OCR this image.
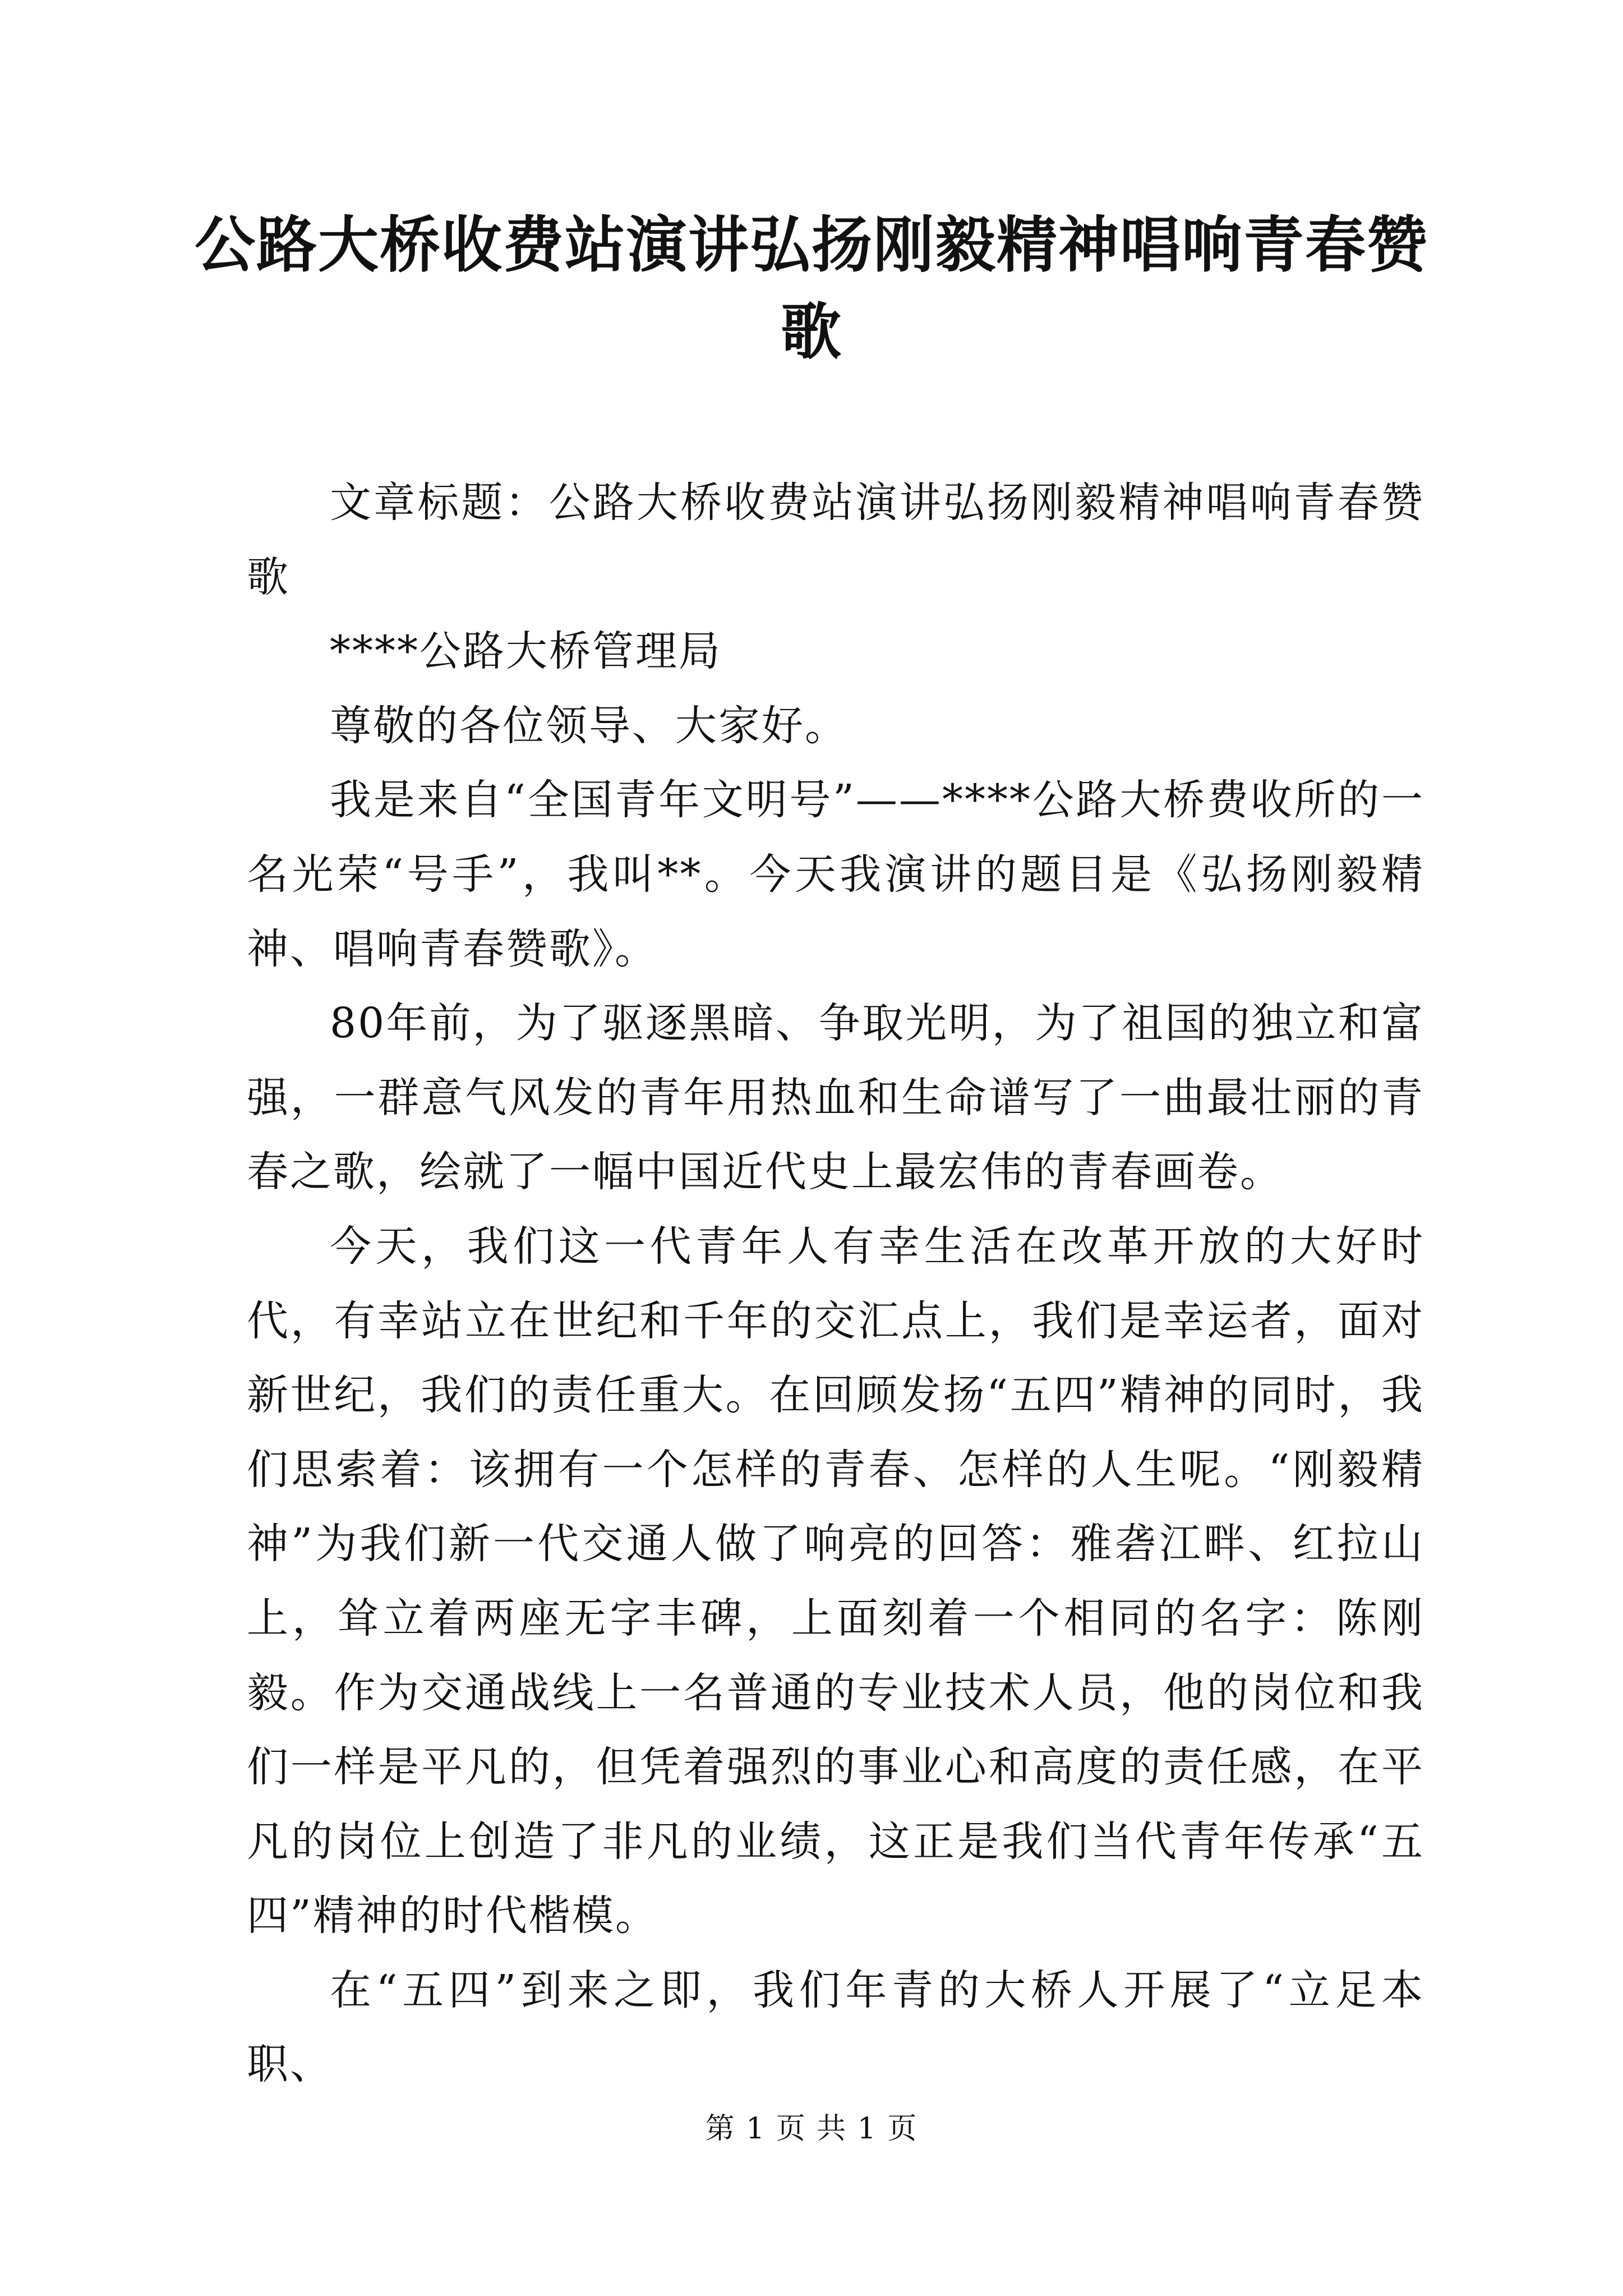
公路大桥收费站演讲弘扬刚毅精神唱响青春赞歌

文章标题：公路大桥收费站演讲弘扬刚毅精神唱响青春赞歌

****公路大桥管理局

尊敬的各位领导、大家好。

我是来自“全国青年文明号”——****公路大桥费收所的一名光荣“号手”，我叫**。今天我演讲的题目是《弘扬刚毅精神、唱响青春赞歌》。

80年前，为了驱逐黑暗、争取光明，为了祖国的独立和富强，一群意气风发的青年用热血和生命谱写了一曲最壮丽的青春之歌，绘就了一幅中国近代史上最宏伟的青春画卷。

今天，我们这一代青年人有幸生活在改革开放的大好时代，有幸站立在世纪和千年的交汇点上，我们是幸运者，面对新世纪，我们的责任重大。在回顾发扬“五四”精神的同时，我们思索着：该拥有一个怎样的青春、怎样的人生呢。“刚毅精神”为我们新一代交通人做了响亮的回答：雅砻江畔、红拉山上，耸立着两座无字丰碑，上面刻着一个相同的名字：陈刚毅。作为交通战线上一名普通的专业技术人员，他的岗位和我们一样是平凡的，但凭着强烈的事业心和高度的责任感，在平凡的岗位上创造了非凡的业绩，这正是我们当代青年传承“五四”精神的时代楷模。

在“五四”到来之即，我们年青的大桥人开展了“立足本职、

第 1 页 共 1 页
